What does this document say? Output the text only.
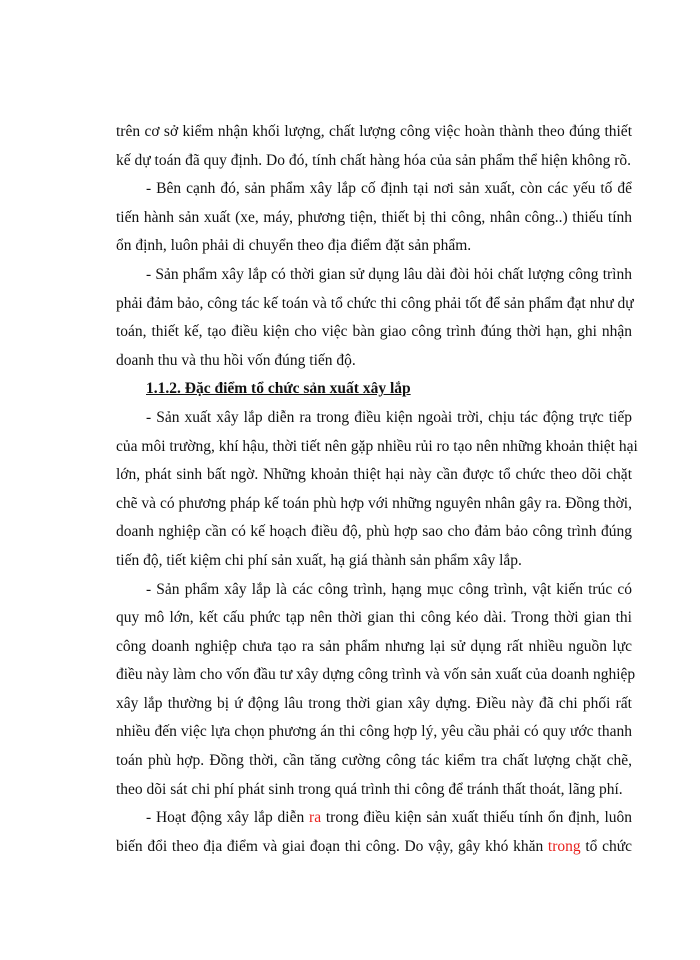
trên cơ sở kiểm nhận khối lượng, chất lượng công việc hoàn thành theo đúng thiết
kế dự toán đã quy định. Do đó, tính chất hàng hóa của sản phẩm thể hiện không rõ.
- Bên cạnh đó, sản phẩm xây lắp cố định tại nơi sản xuất, còn các yếu tố để
tiến hành sản xuất (xe, máy, phương tiện, thiết bị thi công, nhân công..) thiếu tính
ổn định, luôn phải di chuyển theo địa điểm đặt sản phẩm.
- Sản phẩm xây lắp có thời gian sử dụng lâu dài đòi hỏi chất lượng công trình
phải đảm bảo, công tác kế toán và tổ chức thi công phải tốt để sản phẩm đạt như dự
toán, thiết kế, tạo điều kiện cho việc bàn giao công trình đúng thời hạn, ghi nhận
doanh thu và thu hồi vốn đúng tiến độ.
1.1.2. Đặc điểm tổ chức sản xuất xây lắp
- Sản xuất xây lắp diễn ra trong điều kiện ngoài trời, chịu tác động trực tiếp
của môi trường, khí hậu, thời tiết nên gặp nhiều rủi ro tạo nên những khoản thiệt hại
lớn, phát sinh bất ngờ. Những khoản thiệt hại này cần được tổ chức theo dõi chặt
chẽ và có phương pháp kế toán phù hợp với những nguyên nhân gây ra. Đồng thời,
doanh nghiệp cần có kế hoạch điều độ, phù hợp sao cho đảm bảo công trình đúng
tiến độ, tiết kiệm chi phí sản xuất, hạ giá thành sản phẩm xây lắp.
- Sản phẩm xây lắp là các công trình, hạng mục công trình, vật kiến trúc có
quy mô lớn, kết cấu phức tạp nên thời gian thi công kéo dài. Trong thời gian thi
công doanh nghiệp chưa tạo ra sản phẩm nhưng lại sử dụng rất nhiều nguồn lực
điều này làm cho vốn đầu tư xây dựng công trình và vốn sản xuất của doanh nghiệp
xây lắp thường bị ứ động lâu trong thời gian xây dựng. Điều này đã chi phối rất
nhiều đến việc lựa chọn phương án thi công hợp lý, yêu cầu phải có quy ước thanh
toán phù hợp. Đồng thời, cần tăng cường công tác kiểm tra chất lượng chặt chẽ,
theo dõi sát chi phí phát sinh trong quá trình thi công để tránh thất thoát, lãng phí.
- Hoạt động xây lắp diễn ra trong điều kiện sản xuất thiếu tính ổn định, luôn
biến đổi theo địa điểm và giai đoạn thi công. Do vậy, gây khó khăn trong tổ chức
